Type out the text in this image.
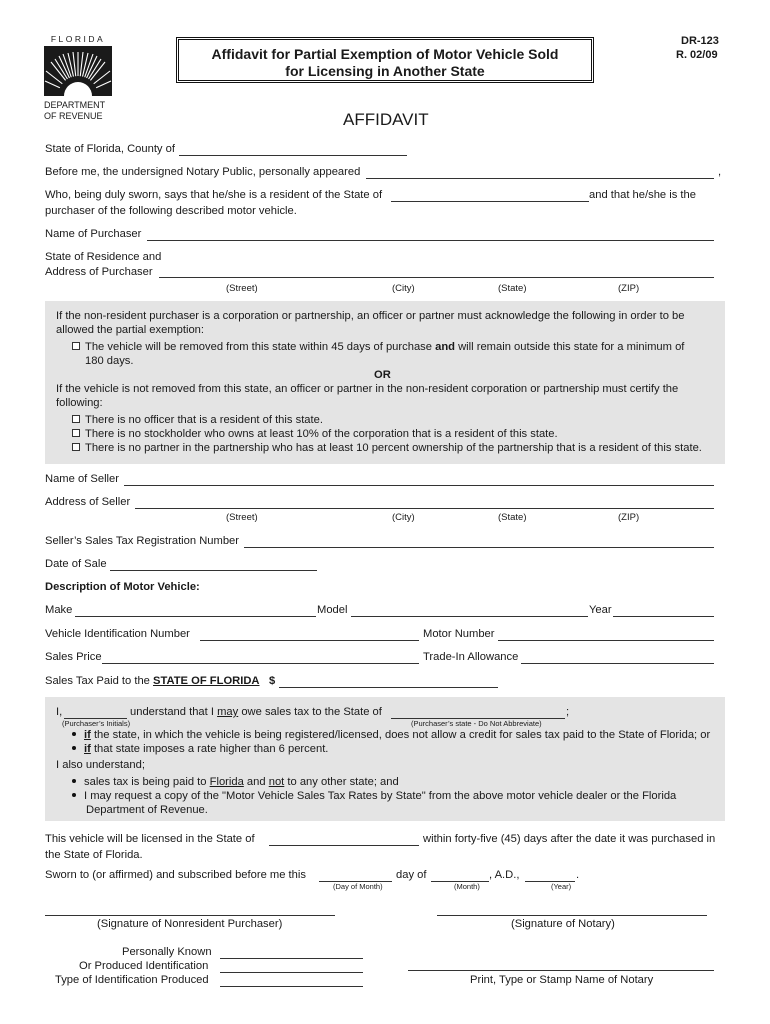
FLORIDA
DEPARTMENT
OF REVENUE
Affidavit for Partial Exemption of Motor Vehicle Sold
for Licensing in Another State
DR-123
R. 02/09
AFFIDAVIT
State of Florida, County of
Before me, the undersigned Notary Public, personally appeared	,
Who, being duly sworn, says that he/she is a resident of the State of	and that he/she is the
purchaser of the following described motor vehicle.
Name of Purchaser
State of Residence and
Address of Purchaser
(Street)	(City)	(State)	(ZIP)
If the non-resident purchaser is a corporation or partnership, an officer or partner must acknowledge the following in order to be
allowed the partial exemption:
The vehicle will be removed from this state within 45 days of purchase and will remain outside this state for a minimum of
180 days.
OR
If the vehicle is not removed from this state, an officer or partner in the non-resident corporation or partnership must certify the
following:
There is no officer that is a resident of this state.
There is no stockholder who owns at least 10% of the corporation that is a resident of this state.
There is no partner in the partnership who has at least 10 percent ownership of the partnership that is a resident of this state.
Name of Seller
Address of Seller
(Street)	(City)	(State)	(ZIP)
Seller’s Sales Tax Registration Number
Date of Sale
Description of Motor Vehicle:
Make	Model	Year
Vehicle Identification Number	Motor Number
Sales Price	Trade-In Allowance
Sales Tax Paid to the STATE OF FLORIDA $
I,	understand that I may owe sales tax to the State of	;
(Purchaser’s Initials)	(Purchaser’s state - Do Not Abbreviate)
if the state, in which the vehicle is being registered/licensed, does not allow a credit for sales tax paid to the State of Florida; or
if that state imposes a rate higher than 6 percent.
I also understand;
sales tax is being paid to Florida and not to any other state; and
I may request a copy of the "Motor Vehicle Sales Tax Rates by State" from the above motor vehicle dealer or the Florida
Department of Revenue.
This vehicle will be licensed in the State of	within forty-five (45) days after the date it was purchased in
the State of Florida.
Sworn to (or affirmed) and subscribed before me this	day of	, A.D.,	.
(Day of Month)	(Month)	(Year)
(Signature of Nonresident Purchaser)	(Signature of Notary)
Personally Known
Or Produced Identification
Type of Identification Produced	Print, Type or Stamp Name of Notary
